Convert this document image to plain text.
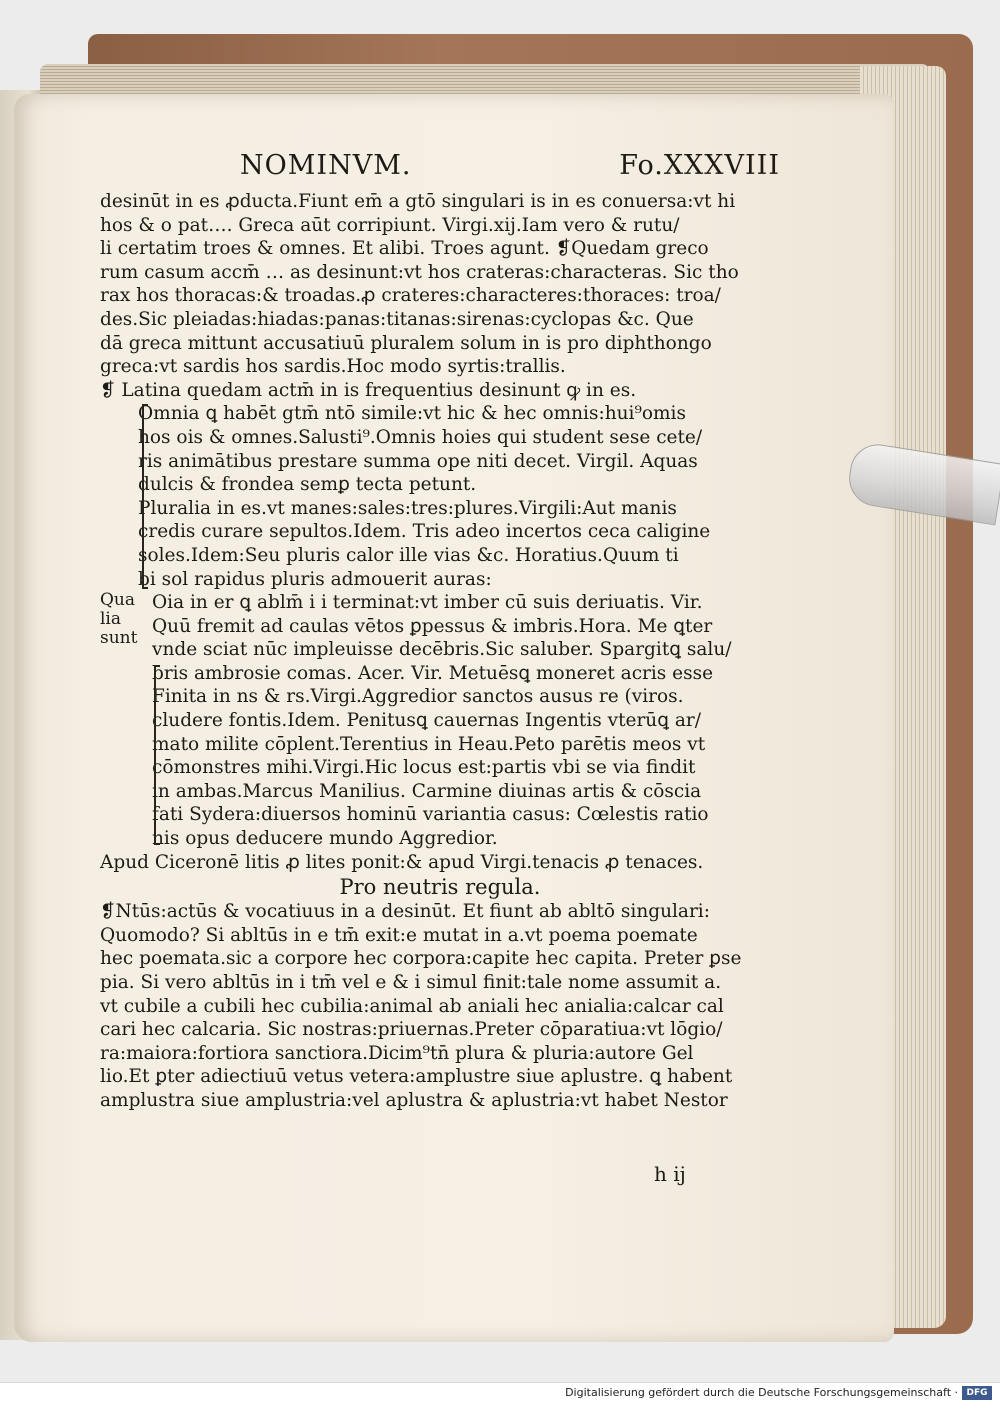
NOMINVM.	Fo.XXXVIII
desinūt in es ꝓducta.Fiunt em̄ a gtō singulari is in es conuersa:vt hi
hos & o pat…. Greca aūt corripiunt. Virgi.xij.Iam vero & rutu/
li certatim troes & omnes. Et alibi. Troes agunt. ❡Quedam greco
rum casum accm̄ … as desinunt:vt hos crateras:characteras. Sic tho
rax hos thoracas:& troadas.ꝓ crateres:characteres:thoraces: troa/
des.Sic pleiadas:hiadas:panas:titanas:sirenas:cyclopas &c. Que
dā greca mittunt accusatiuū pluralem solum in is pro diphthongo
greca:vt sardis hos sardis.Hoc modo syrtis:trallis.
❡ Latina quedam actm̄ in is frequentius desinunt ꝙ in es.
Omnia ꝗ habēt gtm̄ ntō simile:vt hic & hec omnis:hui⁹omis
hos ois & omnes.Salusti⁹.Omnis hoies qui student sese cete/
ris animātibus prestare summa ope niti decet. Virgil. Aquas
dulcis & frondea semꝑ tecta petunt.
Pluralia in es.vt manes:sales:tres:plures.Virgili:Aut manis
credis curare sepultos.Idem. Tris adeo incertos ceca caligine
soles.Idem:Seu pluris calor ille vias &c. Horatius.Quum ti
bi sol rapidus pluris admouerit auras:
Qua
lia
sunt
Oia in er ꝗ ablm̄ i i terminat:vt imber cū suis deriuatis. Vir.
Quū fremit ad caulas vētos ꝑpessus & imbris.Hora. Me ꝗter
vnde sciat nūc impleuisse decēbris.Sic saluber. Spargitꝗ salu/
bris ambrosie comas. Acer. Vir. Metuēsꝗ moneret acris esse
Finita in ns & rs.Virgi.Aggredior sanctos ausus re (viros.
cludere fontis.Idem. Penitusꝗ cauernas Ingentis vterūꝗ ar/
mato milite cōplent.Terentius in Heau.Peto parētis meos vt
cōmonstres mihi.Virgi.Hic locus est:partis vbi se via findit
in ambas.Marcus Manilius. Carmine diuinas artis & cōscia
fati Sydera:diuersos hominū variantia casus: Cœlestis ratio
nis opus deducere mundo Aggredior.
Apud Ciceronē litis ꝓ lites ponit:& apud Virgi.tenacis ꝓ tenaces.
Pro neutris regula.
❡Ntūs:actūs & vocatiuus in a desinūt. Et fiunt ab abltō singulari:
Quomodo? Si abltūs in e tm̄ exit:e mutat in a.vt poema poemate
hec poemata.sic a corpore hec corpora:capite hec capita. Preter ꝑse
pia. Si vero abltūs in i tm̄ vel e & i simul finit:tale nome assumit a.
vt cubile a cubili hec cubilia:animal ab aniali hec anialia:calcar cal
cari hec calcaria. Sic nostras:priuernas.Preter cōparatiua:vt lōgio/
ra:maiora:fortiora sanctiora.Dicim⁹tn̄ plura & pluria:autore Gel
lio.Et ꝑter adiectiuū vetus vetera:amplustre siue aplustre. ꝗ habent
amplustra siue amplustria:vel aplustra & aplustria:vt habet Nestor
h ij
Digitalisierung gefördert durch die Deutsche Forschungsgemeinschaft · DFG
